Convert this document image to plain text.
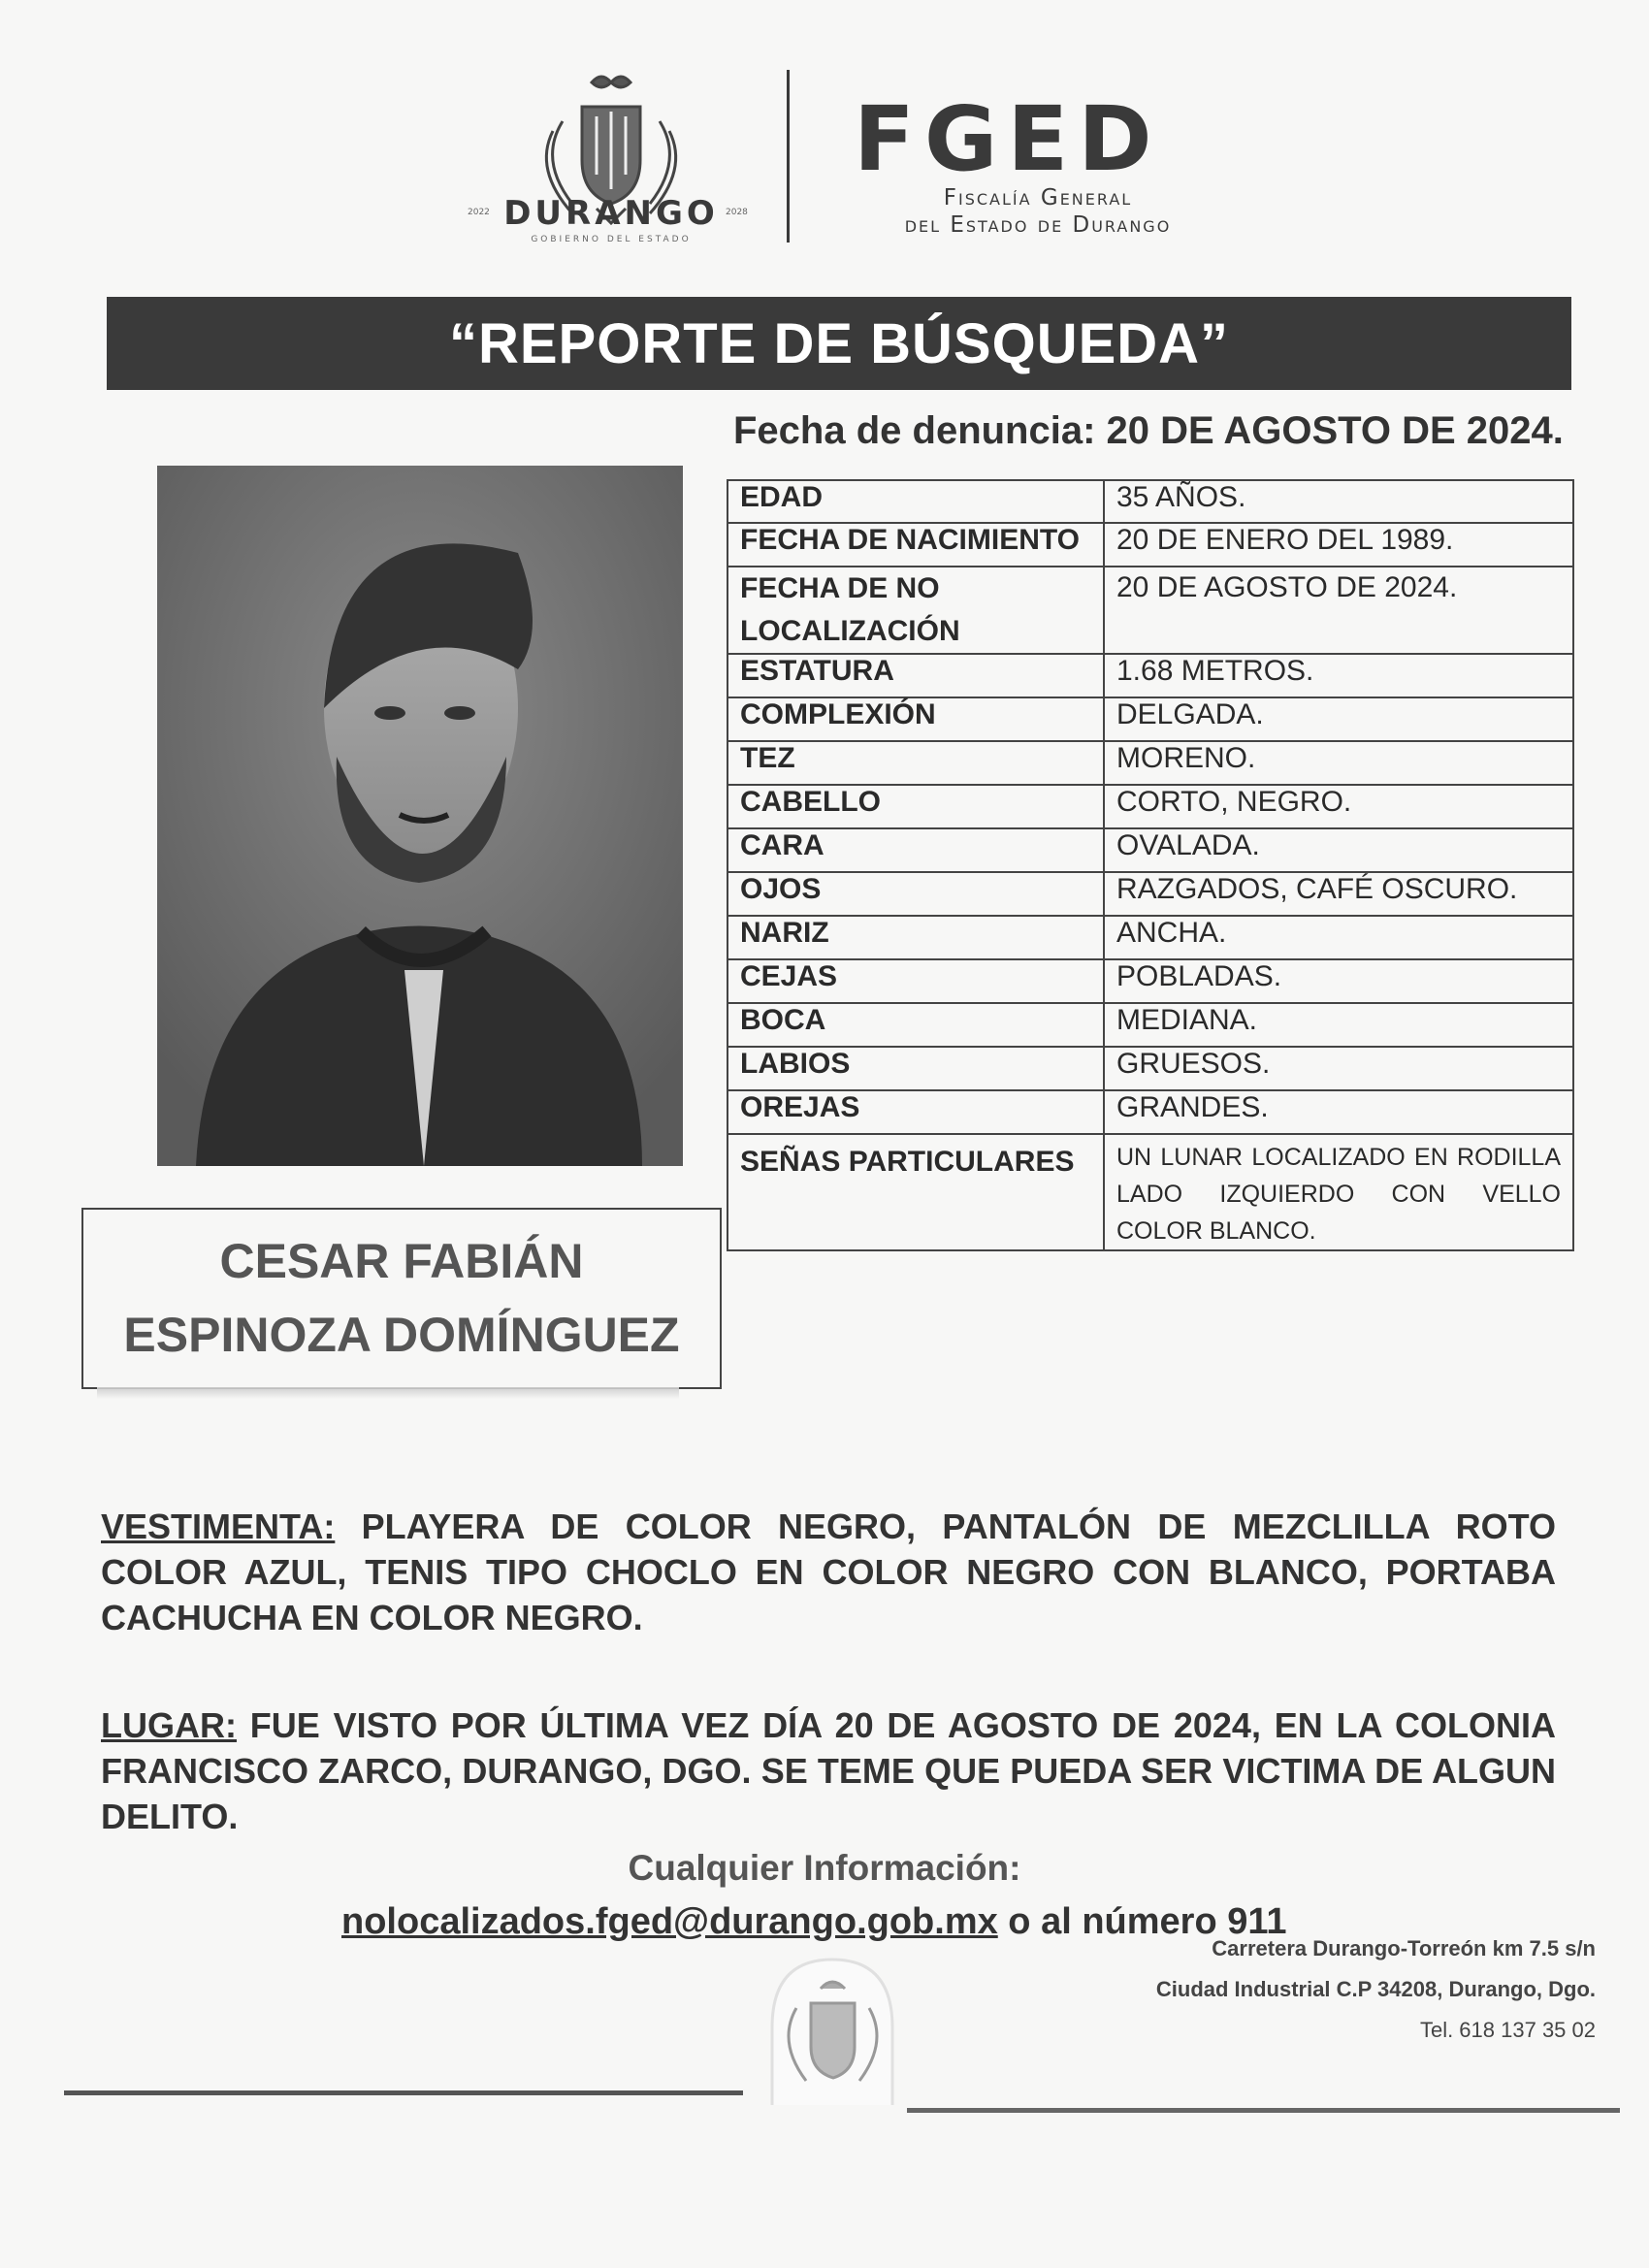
2022 DURANGO 2028
GOBIERNO DEL ESTADO
FGED
Fiscalía General
del Estado de Durango
“REPORTE DE BÚSQUEDA”
Fecha de denuncia: 20 DE AGOSTO DE 2024.
CESAR FABIÁN
ESPINOZA DOMÍNGUEZ
EDAD	35 AÑOS.
FECHA DE NACIMIENTO	20 DE ENERO DEL 1989.
FECHA DE NO LOCALIZACIÓN	20 DE AGOSTO DE 2024.
ESTATURA	1.68 METROS.
COMPLEXIÓN	DELGADA.
TEZ	MORENO.
CABELLO	CORTO, NEGRO.
CARA	OVALADA.
OJOS	RAZGADOS, CAFÉ OSCURO.
NARIZ	ANCHA.
CEJAS	POBLADAS.
BOCA	MEDIANA.
LABIOS	GRUESOS.
OREJAS	GRANDES.
SEÑAS PARTICULARES	UN LUNAR LOCALIZADO EN RODILLA LADO IZQUIERDO CON VELLO COLOR BLANCO.
VESTIMENTA: PLAYERA DE COLOR NEGRO, PANTALÓN DE MEZCLILLA ROTO COLOR AZUL, TENIS TIPO CHOCLO EN COLOR NEGRO CON BLANCO, PORTABA CACHUCHA EN COLOR NEGRO.
LUGAR: FUE VISTO POR ÚLTIMA VEZ DÍA 20 DE AGOSTO DE 2024, EN LA COLONIA FRANCISCO ZARCO, DURANGO, DGO. SE TEME QUE PUEDA SER VICTIMA DE ALGUN DELITO.
Cualquier Información:
nolocalizados.fged@durango.gob.mx o al número 911
Carretera Durango-Torreón km 7.5 s/n
Ciudad Industrial C.P 34208, Durango, Dgo.
Tel. 618 137 35 02
